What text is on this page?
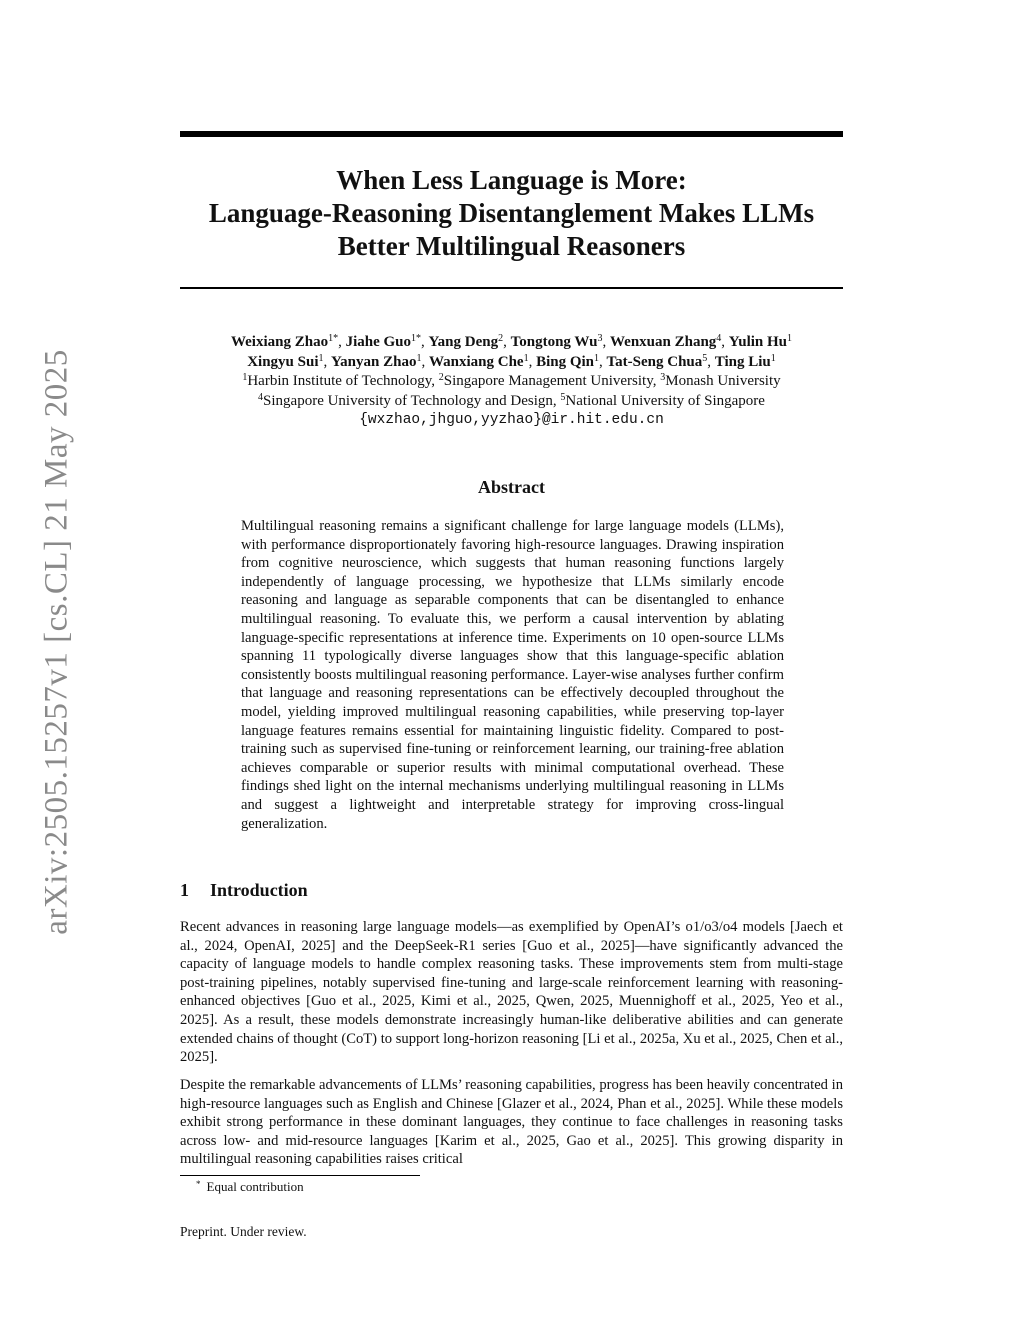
arXiv:2505.15257v1 [cs.CL] 21 May 2025
When Less Language is More:
Language-Reasoning Disentanglement Makes LLMs
Better Multilingual Reasoners
Weixiang Zhao$^{1*}$, Jiahe Guo$^{1*}$, Yang Deng$^2$, Tongtong Wu$^3$, Wenxuan Zhang$^4$, Yulin Hu$^1$
Xingyu Sui$^1$, Yanyan Zhao$^1$, Wanxiang Che$^1$, Bing Qin$^1$, Tat-Seng Chua$^5$, Ting Liu$^1$
$^1$Harbin Institute of Technology, $^2$Singapore Management University, $^3$Monash University
$^4$Singapore University of Technology and Design, $^5$National University of Singapore
{wxzhao,jhguo,yyzhao}@ir.hit.edu.cn
Abstract

Multilingual reasoning remains a significant challenge for large language models (LLMs), with performance disproportionately favoring high-resource languages. Drawing inspiration from cognitive neuroscience, which suggests that human reasoning functions largely independently of language processing, we hypothesize that LLMs similarly encode reasoning and language as separable components that can be disentangled to enhance multilingual reasoning. To evaluate this, we perform a causal intervention by ablating language-specific representations at inference time. Experiments on 10 open-source LLMs spanning 11 typologically diverse languages show that this language-specific ablation consistently boosts multilingual reasoning performance. Layer-wise analyses further confirm that language and reasoning representations can be effectively decoupled throughout the model, yielding improved multilingual reasoning capabilities, while preserving top-layer language features remains essential for maintaining linguistic fidelity. Compared to post-training such as supervised fine-tuning or reinforcement learning, our training-free ablation achieves comparable or superior results with minimal computational overhead. These findings shed light on the internal mechanisms underlying multilingual reasoning in LLMs and suggest a lightweight and interpretable strategy for improving cross-lingual generalization.

1 Introduction

Recent advances in reasoning large language models—as exemplified by OpenAI’s o1/o3/o4 models [Jaech et al., 2024, OpenAI, 2025] and the DeepSeek-R1 series [Guo et al., 2025]—have significantly advanced the capacity of language models to handle complex reasoning tasks. These improvements stem from multi-stage post-training pipelines, notably supervised fine-tuning and large-scale reinforcement learning with reasoning-enhanced objectives [Guo et al., 2025, Kimi et al., 2025, Qwen, 2025, Muennighoff et al., 2025, Yeo et al., 2025]. As a result, these models demonstrate increasingly human-like deliberative abilities and can generate extended chains of thought (CoT) to support long-horizon reasoning [Li et al., 2025a, Xu et al., 2025, Chen et al., 2025].

Despite the remarkable advancements of LLMs’ reasoning capabilities, progress has been heavily concentrated in high-resource languages such as English and Chinese [Glazer et al., 2024, Phan et al., 2025]. While these models exhibit strong performance in these dominant languages, they continue to face challenges in reasoning tasks across low- and mid-resource languages [Karim et al., 2025, Gao et al., 2025]. This growing disparity in multilingual reasoning capabilities raises critical

* Equal contribution
Preprint. Under review.
